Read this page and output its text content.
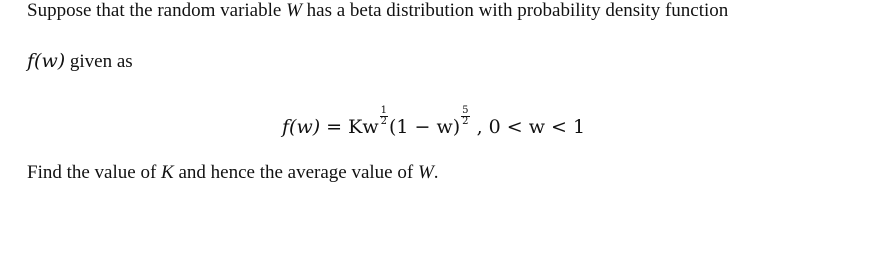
Suppose that the random variable W has a beta distribution with probability density function
f(w) given as
f(w) = Kw $\frac{1}{2} (1 - w) \frac{5}{2}$ , 0 < w < 1
Find the value of K and hence the average value of W.
